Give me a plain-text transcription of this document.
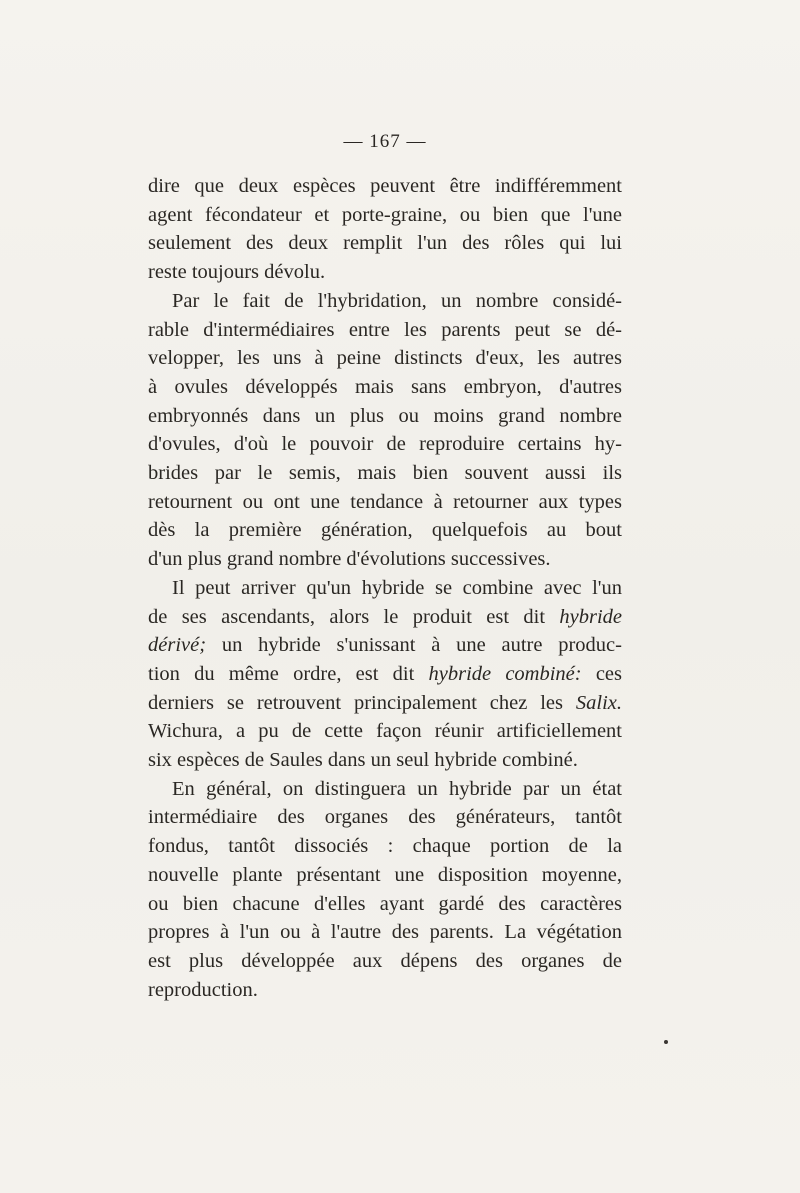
— 167 —

dire que deux espèces peuvent être indifféremment
agent fécondateur et porte-graine, ou bien que l'une
seulement des deux remplit l'un des rôles qui lui
reste toujours dévolu.

Par le fait de l'hybridation, un nombre considé-
rable d'intermédiaires entre les parents peut se dé-
velopper, les uns à peine distincts d'eux, les autres
à ovules développés mais sans embryon, d'autres
embryonnés dans un plus ou moins grand nombre
d'ovules, d'où le pouvoir de reproduire certains hy-
brides par le semis, mais bien souvent aussi ils
retournent ou ont une tendance à retourner aux types
dès la première génération, quelquefois au bout
d'un plus grand nombre d'évolutions successives.

Il peut arriver qu'un hybride se combine avec l'un
de ses ascendants, alors le produit est dit hybride
dérivé; un hybride s'unissant à une autre produc-
tion du même ordre, est dit hybride combiné: ces
derniers se retrouvent principalement chez les Salix.
Wichura, a pu de cette façon réunir artificiellement
six espèces de Saules dans un seul hybride combiné.

En général, on distinguera un hybride par un état
intermédiaire des organes des générateurs, tantôt
fondus, tantôt dissociés : chaque portion de la
nouvelle plante présentant une disposition moyenne,
ou bien chacune d'elles ayant gardé des caractères
propres à l'un ou à l'autre des parents. La végétation
est plus développée aux dépens des organes de
reproduction.
